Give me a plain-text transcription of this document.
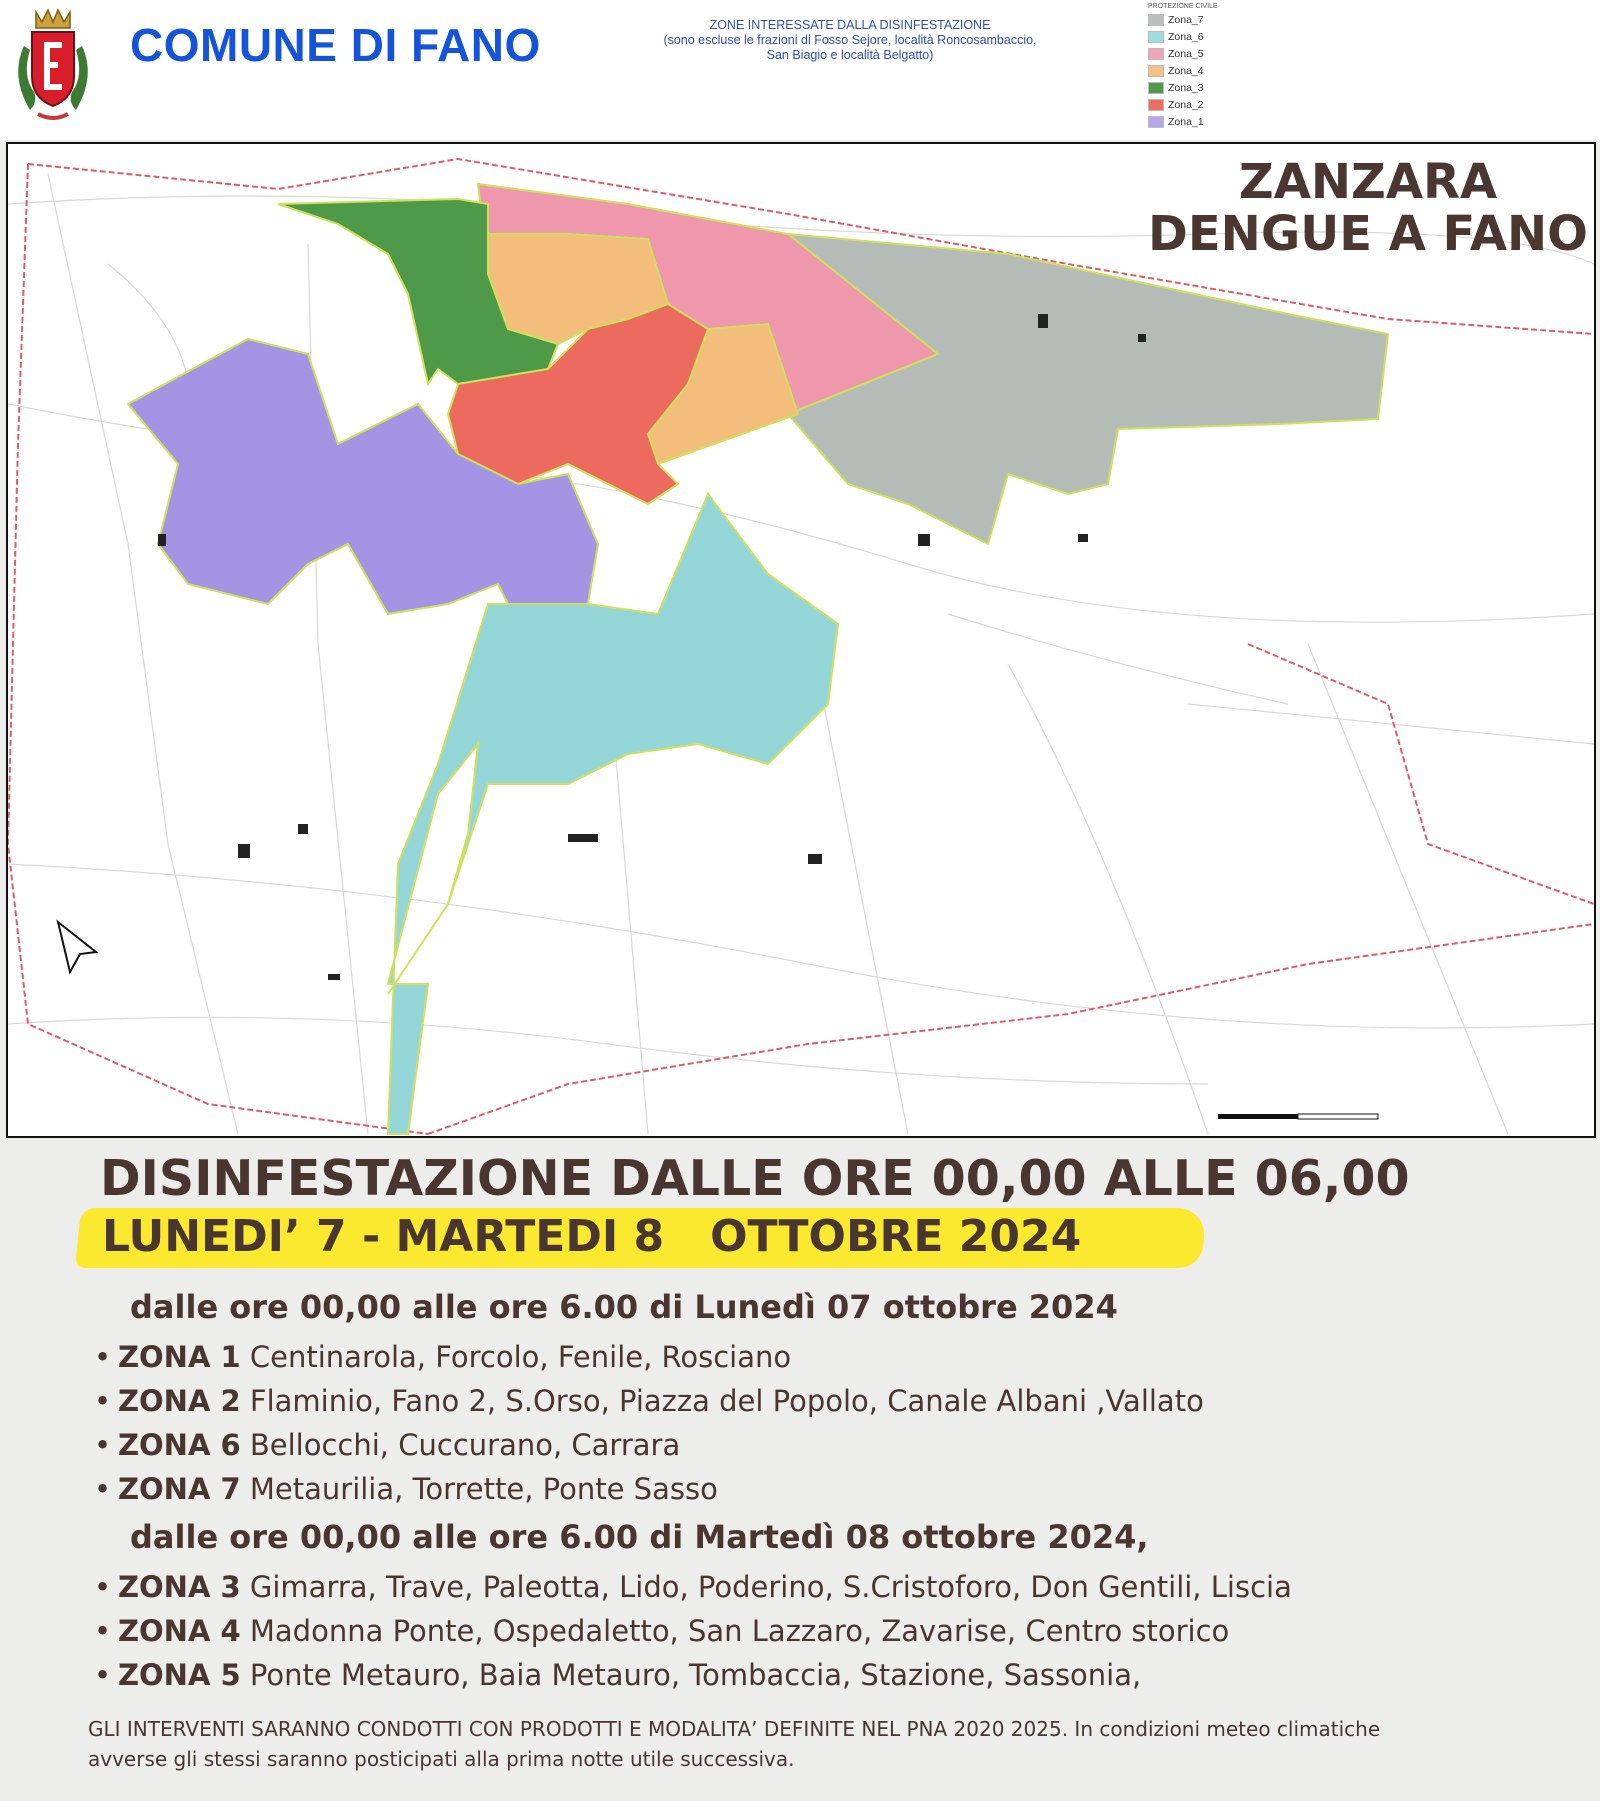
COMUNE DI FANO	ZONE INTERESSATE DALLA DISINFESTAZIONE
(sono escluse le frazioni di Fosso Sejore, località Roncosambaccio,
San Biagio e località Belgatto)
PROTEZIONE CIVILE
Zona_7
Zona_6
Zona_5
Zona_4
Zona_3
Zona_2
Zona_1
ZANZARA
DENGUE A FANO
DISINFESTAZIONE DALLE ORE 00,00 ALLE 06,00
LUNEDI’ 7 - MARTEDI 8   OTTOBRE 2024
dalle ore 00,00 alle ore 6.00 di Lunedì 07 ottobre 2024
• ZONA 1 Centinarola, Forcolo, Fenile, Rosciano
• ZONA 2 Flaminio, Fano 2, S.Orso, Piazza del Popolo, Canale Albani ,Vallato
• ZONA 6 Bellocchi, Cuccurano, Carrara
• ZONA 7 Metaurilia, Torrette, Ponte Sasso
dalle ore 00,00 alle ore 6.00 di Martedì 08 ottobre 2024,
• ZONA 3 Gimarra, Trave, Paleotta, Lido, Poderino, S.Cristoforo, Don Gentili, Liscia
• ZONA 4 Madonna Ponte, Ospedaletto, San Lazzaro, Zavarise, Centro storico
• ZONA 5 Ponte Metauro, Baia Metauro, Tombaccia, Stazione, Sassonia,
GLI INTERVENTI SARANNO CONDOTTI CON PRODOTTI E MODALITA’ DEFINITE NEL PNA 2020 2025. In condizioni meteo climatiche
avverse gli stessi saranno posticipati alla prima notte utile successiva.
